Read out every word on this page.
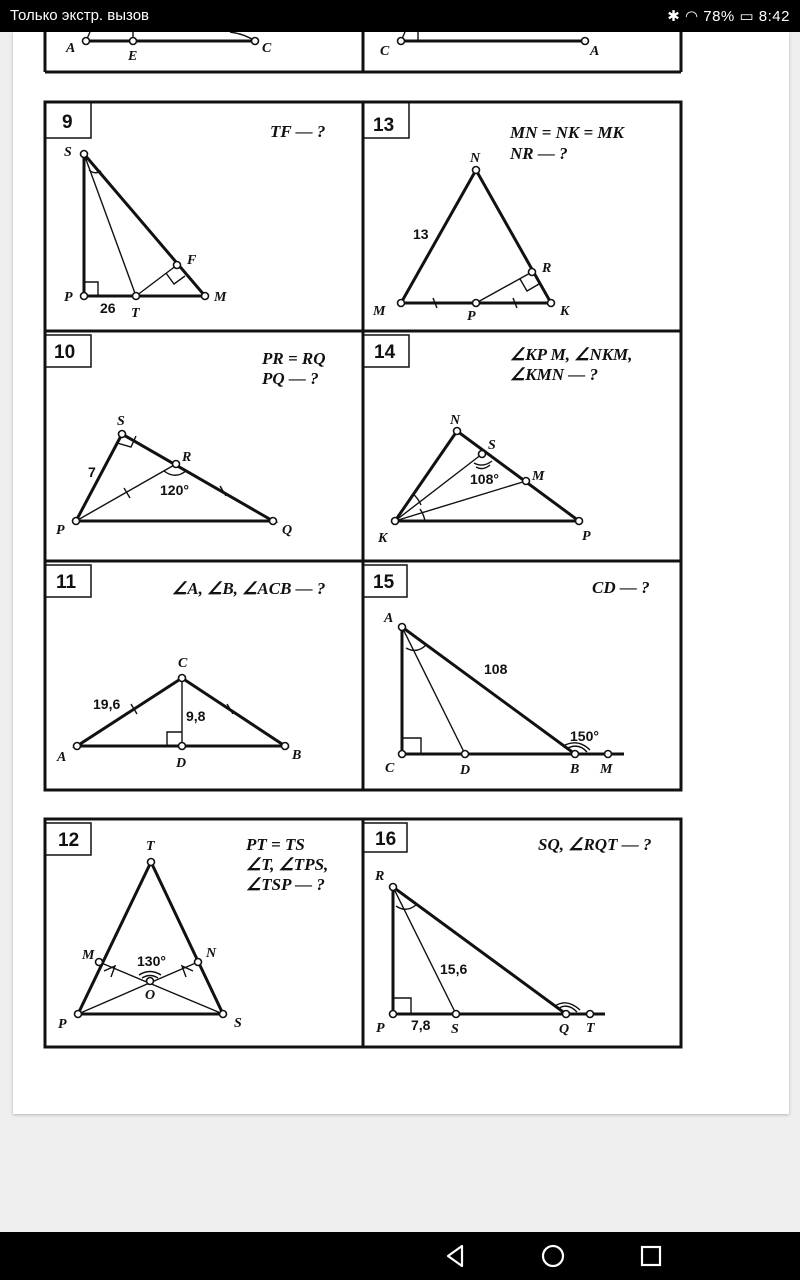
Только экстр. вызов	✱ ◠ 78% ▭ 8:42
A
E
C	C	A
9	TF — ?
S
P
T
M
F
26
13	MN = NK = MK
NR — ?
N
R
M	P	K
13
10	PR = RQ
PQ — ?
S
R
P	Q
7
120°
14	∠KP M, ∠NKM,
∠KMN — ?
N
S
M
K	P
108°
11	∠A, ∠B, ∠ACB — ?
C
A	D
B
19,6
9,8
15	CD — ?
A
C	D	B M
108
150°
12	PT = TS
∠T, ∠TPS,
∠TSP — ?
T
M	N
O
P	S
130°
16	SQ, ∠RQT — ?
R
P	S	Q T
15,6
7,8
